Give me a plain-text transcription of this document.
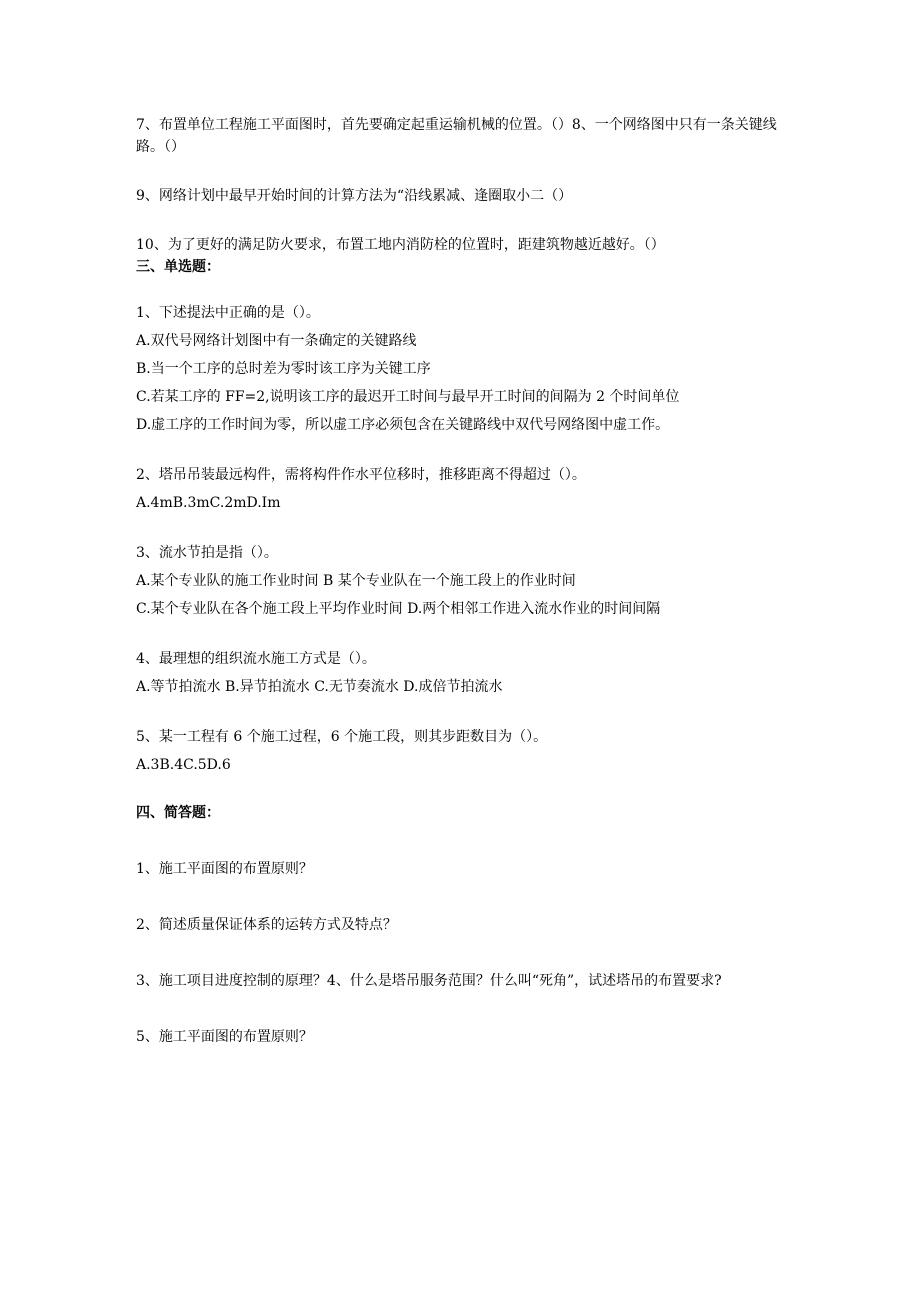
7、布置单位工程施工平面图时，首先要确定起重运输机械的位置。（）8、一个网络图中只有一条关键线路。（）

9、网络计划中最早开始时间的计算方法为“沿线累减、逢圈取小二（）

10、为了更好的满足防火要求，布置工地内消防栓的位置时，距建筑物越近越好。（）

三、单选题：

1、下述提法中正确的是（）。

A.双代号网络计划图中有一条确定的关键路线

B.当一个工序的总时差为零时该工序为关键工序

C.若某工序的 FF=2,说明该工序的最迟开工时间与最早开工时间的间隔为 2 个时间单位

D.虚工序的工作时间为零，所以虚工序必须包含在关键路线中双代号网络图中虚工作。

2、塔吊吊装最远构件，需将构件作水平位移时，推移距离不得超过（）。

A.4mB.3mC.2mD.Im

3、流水节拍是指（）。

A.某个专业队的施工作业时间 B 某个专业队在一个施工段上的作业时间

C.某个专业队在各个施工段上平均作业时间 D.两个相邻工作进入流水作业的时间间隔

4、最理想的组织流水施工方式是（）。

A.等节拍流水 B.异节拍流水 C.无节奏流水 D.成倍节拍流水

5、某一工程有 6 个施工过程，6 个施工段，则其步距数目为（）。

A.3B.4C.5D.6

四、简答题：

1、施工平面图的布置原则？

2、简述质量保证体系的运转方式及特点？

3、施工项目进度控制的原理？4、什么是塔吊服务范围？什么叫“死角”，试述塔吊的布置要求?

5、施工平面图的布置原则？
